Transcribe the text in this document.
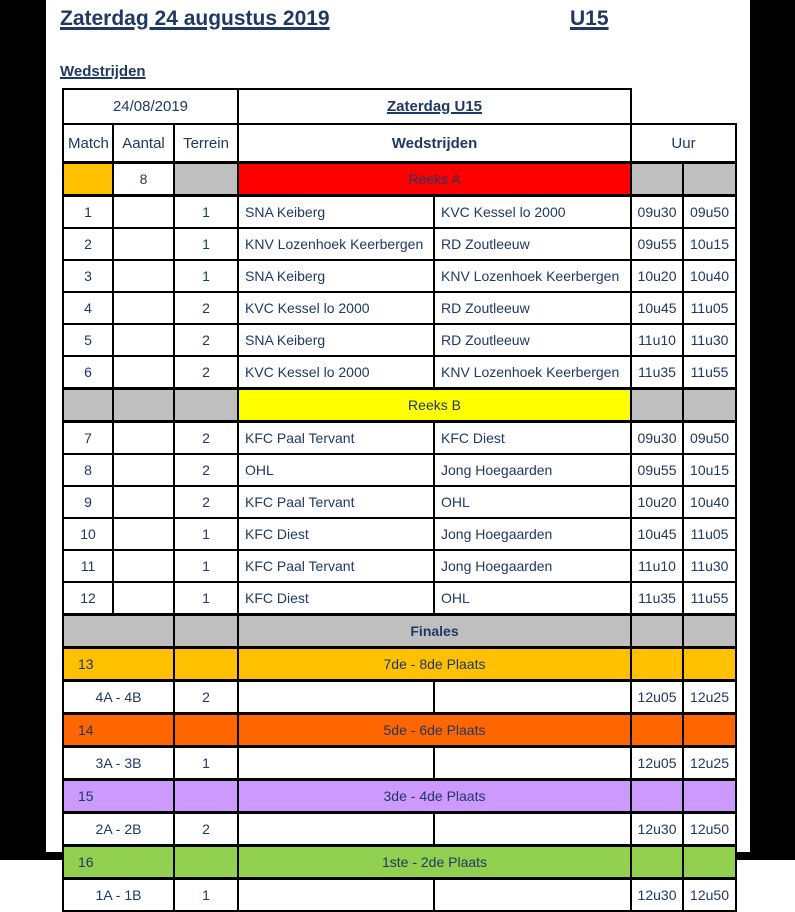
Zaterdag 24 augustus 2019	U15
Wedstrijden
24/08/2019			Zaterdag U15			
Match	Aantal	Terrein	Wedstrijden		Uur	
	8		Reeks A			
1		1	SNA Keiberg	KVC Kessel lo 2000	09u30	09u50
2		1	KNV Lozenhoek Keerbergen	RD Zoutleeuw	09u55	10u15
3		1	SNA Keiberg	KNV Lozenhoek Keerbergen	10u20	10u40
4		2	KVC Kessel lo 2000	RD Zoutleeuw	10u45	11u05
5		2	SNA Keiberg	RD Zoutleeuw	11u10	11u30
6		2	KVC Kessel lo 2000	KNV Lozenhoek Keerbergen	11u35	11u55
			Reeks B			
7		2	KFC Paal Tervant	KFC Diest	09u30	09u50
8		2	OHL	Jong Hoegaarden	09u55	10u15
9		2	KFC Paal Tervant	OHL	10u20	10u40
10		1	KFC Diest	Jong Hoegaarden	10u45	11u05
11		1	KFC Paal Tervant	Jong Hoegaarden	11u10	11u30
12		1	KFC Diest	OHL	11u35	11u55
			Finales			
13			7de - 8de Plaats			
4A - 4B		2			12u05	12u25
14			5de - 6de Plaats			
3A - 3B		1			12u05	12u25
15			3de - 4de Plaats			
2A - 2B		2			12u30	12u50
16			1ste - 2de Plaats			
1A - 1B		1			12u30	12u50
